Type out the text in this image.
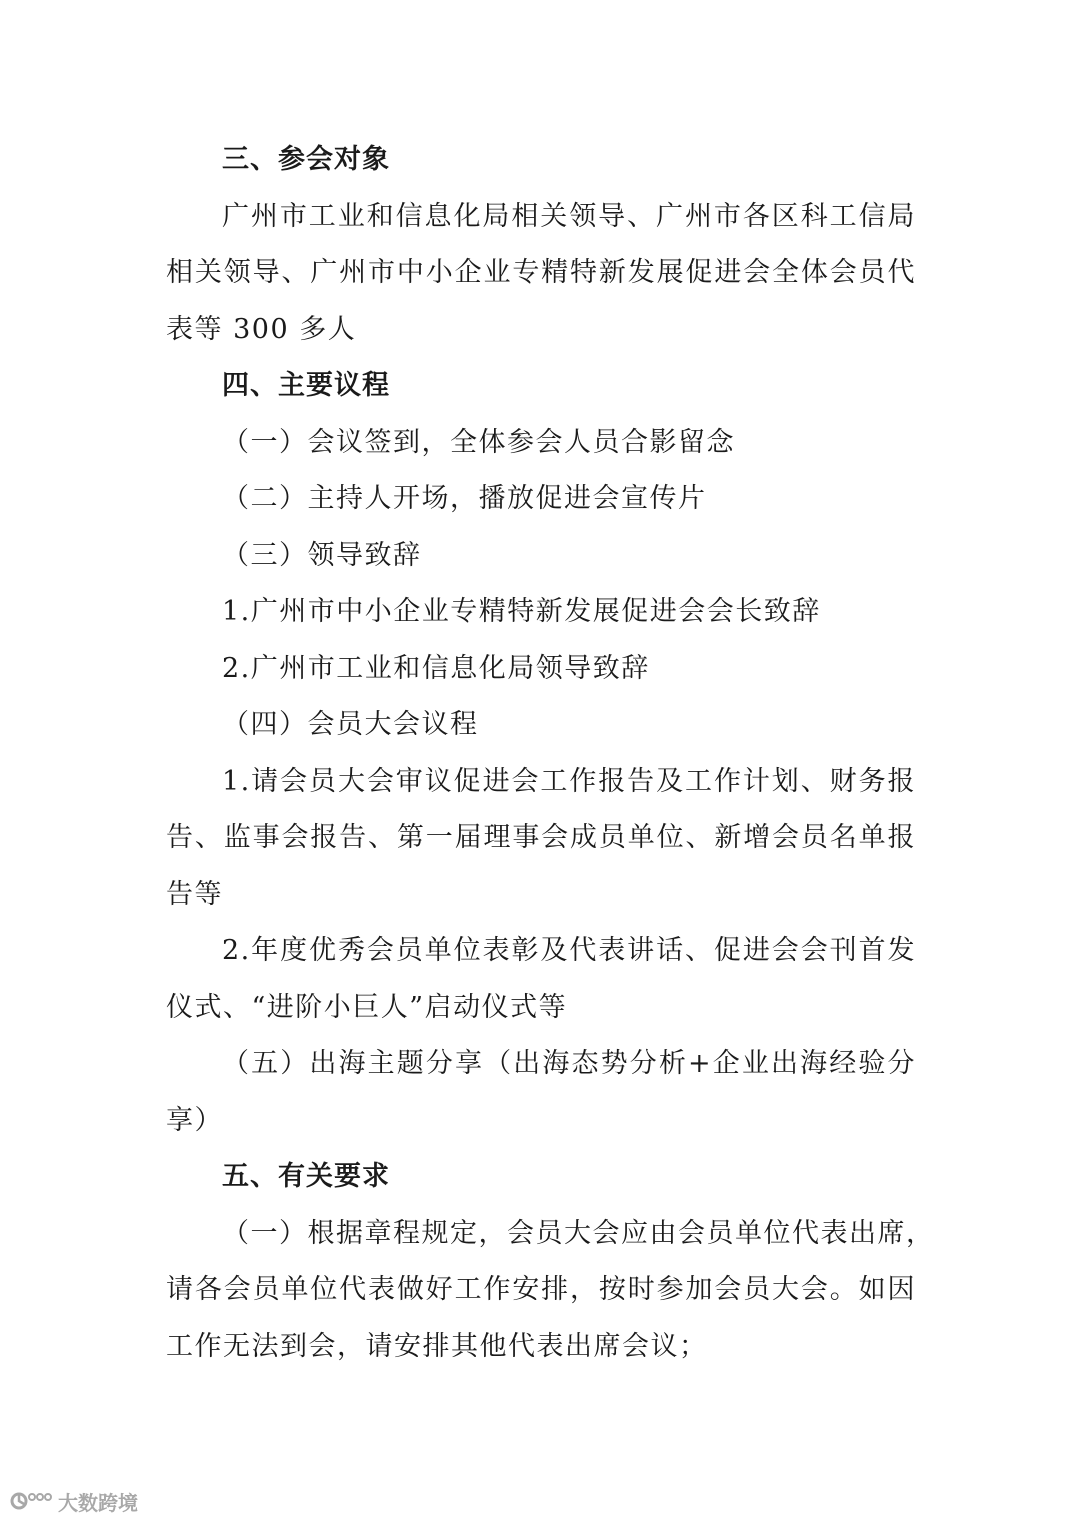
三、参会对象
广州市工业和信息化局相关领导、广州市各区科工信局
相关领导、广州市中小企业专精特新发展促进会全体会员代
表等 300 多人
四、主要议程
（一）会议签到，全体参会人员合影留念
（二）主持人开场，播放促进会宣传片
（三）领导致辞
1.广州市中小企业专精特新发展促进会会长致辞
2.广州市工业和信息化局领导致辞
（四）会员大会议程
1.请会员大会审议促进会工作报告及工作计划、财务报
告、监事会报告、第一届理事会成员单位、新增会员名单报
告等
2.年度优秀会员单位表彰及代表讲话、促进会会刊首发
仪式、“进阶小巨人”启动仪式等
（五）出海主题分享（出海态势分析+企业出海经验分
享）
五、有关要求
（一）根据章程规定，会员大会应由会员单位代表出席，
请各会员单位代表做好工作安排，按时参加会员大会。如因
工作无法到会，请安排其他代表出席会议；
大数跨境
